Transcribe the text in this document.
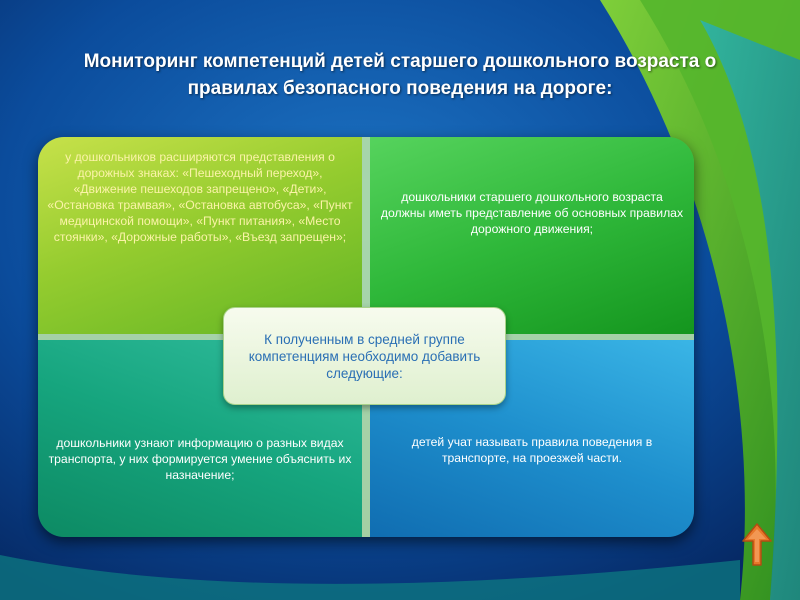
Мониторинг компетенций детей старшего дошкольного возраста о правилах безопасного поведения на дороге:

у дошкольников расширяются представления о дорожных знаках: «Пешеходный переход», «Движение пешеходов запрещено», «Дети», «Остановка трамвая», «Остановка автобуса», «Пункт медицинской помощи», «Пункт питания», «Место стоянки», «Дорожные работы», «Въезд запрещен»;

дошкольники старшего дошкольного возраста должны иметь представление об основных правилах дорожного движения;

дошкольники узнают информацию о разных видах транспорта, у них формируется умение объяснить их назначение;

детей учат называть правила поведения в транспорте, на проезжей части.

К полученным в средней группе компетенциям необходимо добавить следующие:
